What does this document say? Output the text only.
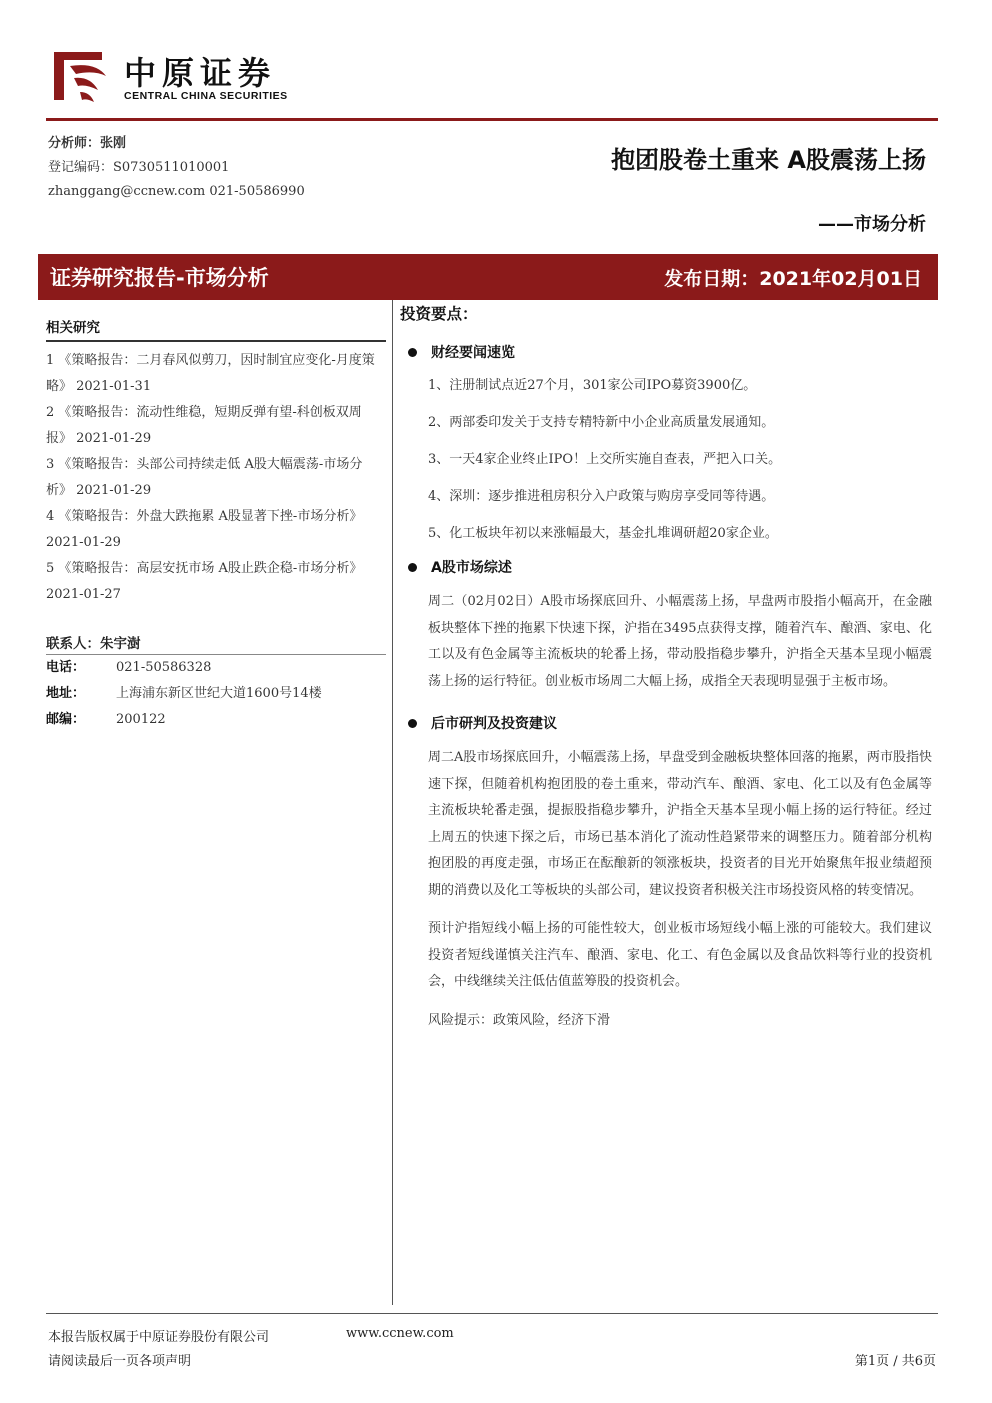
中原证券
CENTRAL CHINA SECURITIES
分析师：张刚
登记编码：S0730511010001
zhanggang@ccnew.com 021-50586990
抱团股卷土重来 A股震荡上扬
——市场分析
证券研究报告-市场分析	发布日期：2021年02月01日
相关研究
1 《策略报告：二月春风似剪刀，因时制宜应变化-月度策略》 2021-01-31
2 《策略报告：流动性维稳，短期反弹有望-科创板双周报》 2021-01-29
3 《策略报告：头部公司持续走低 A股大幅震荡-市场分析》 2021-01-29
4 《策略报告：外盘大跌拖累 A股显著下挫-市场分析》 2021-01-29
5 《策略报告：高层安抚市场 A股止跌企稳-市场分析》 2021-01-27
联系人：朱宇澍
电话： 021-50586328
地址： 上海浦东新区世纪大道1600号14楼
邮编： 200122
投资要点：
财经要闻速览
1、注册制试点近27个月，301家公司IPO募资3900亿。
2、两部委印发关于支持专精特新中小企业高质量发展通知。
3、一天4家企业终止IPO！上交所实施自查表，严把入口关。
4、深圳：逐步推进租房积分入户政策与购房享受同等待遇。
5、化工板块年初以来涨幅最大，基金扎堆调研超20家企业。
A股市场综述
周二（02月02日）A股市场探底回升、小幅震荡上扬，早盘两市股指小幅高开，在金融板块整体下挫的拖累下快速下探，沪指在3495点获得支撑，随着汽车、酿酒、家电、化工以及有色金属等主流板块的轮番上扬，带动股指稳步攀升，沪指全天基本呈现小幅震荡上扬的运行特征。创业板市场周二大幅上扬，成指全天表现明显强于主板市场。
后市研判及投资建议
周二A股市场探底回升，小幅震荡上扬，早盘受到金融板块整体回落的拖累，两市股指快速下探，但随着机构抱团股的卷土重来，带动汽车、酿酒、家电、化工以及有色金属等主流板块轮番走强，提振股指稳步攀升，沪指全天基本呈现小幅上扬的运行特征。经过上周五的快速下探之后，市场已基本消化了流动性趋紧带来的调整压力。随着部分机构抱团股的再度走强，市场正在酝酿新的领涨板块，投资者的目光开始聚焦年报业绩超预期的消费以及化工等板块的头部公司，建议投资者积极关注市场投资风格的转变情况。
预计沪指短线小幅上扬的可能性较大，创业板市场短线小幅上涨的可能较大。我们建议投资者短线谨慎关注汽车、酿酒、家电、化工、有色金属以及食品饮料等行业的投资机会，中线继续关注低估值蓝筹股的投资机会。
风险提示：政策风险，经济下滑
本报告版权属于中原证券股份有限公司	www.ccnew.com
请阅读最后一页各项声明	第1页 / 共6页
